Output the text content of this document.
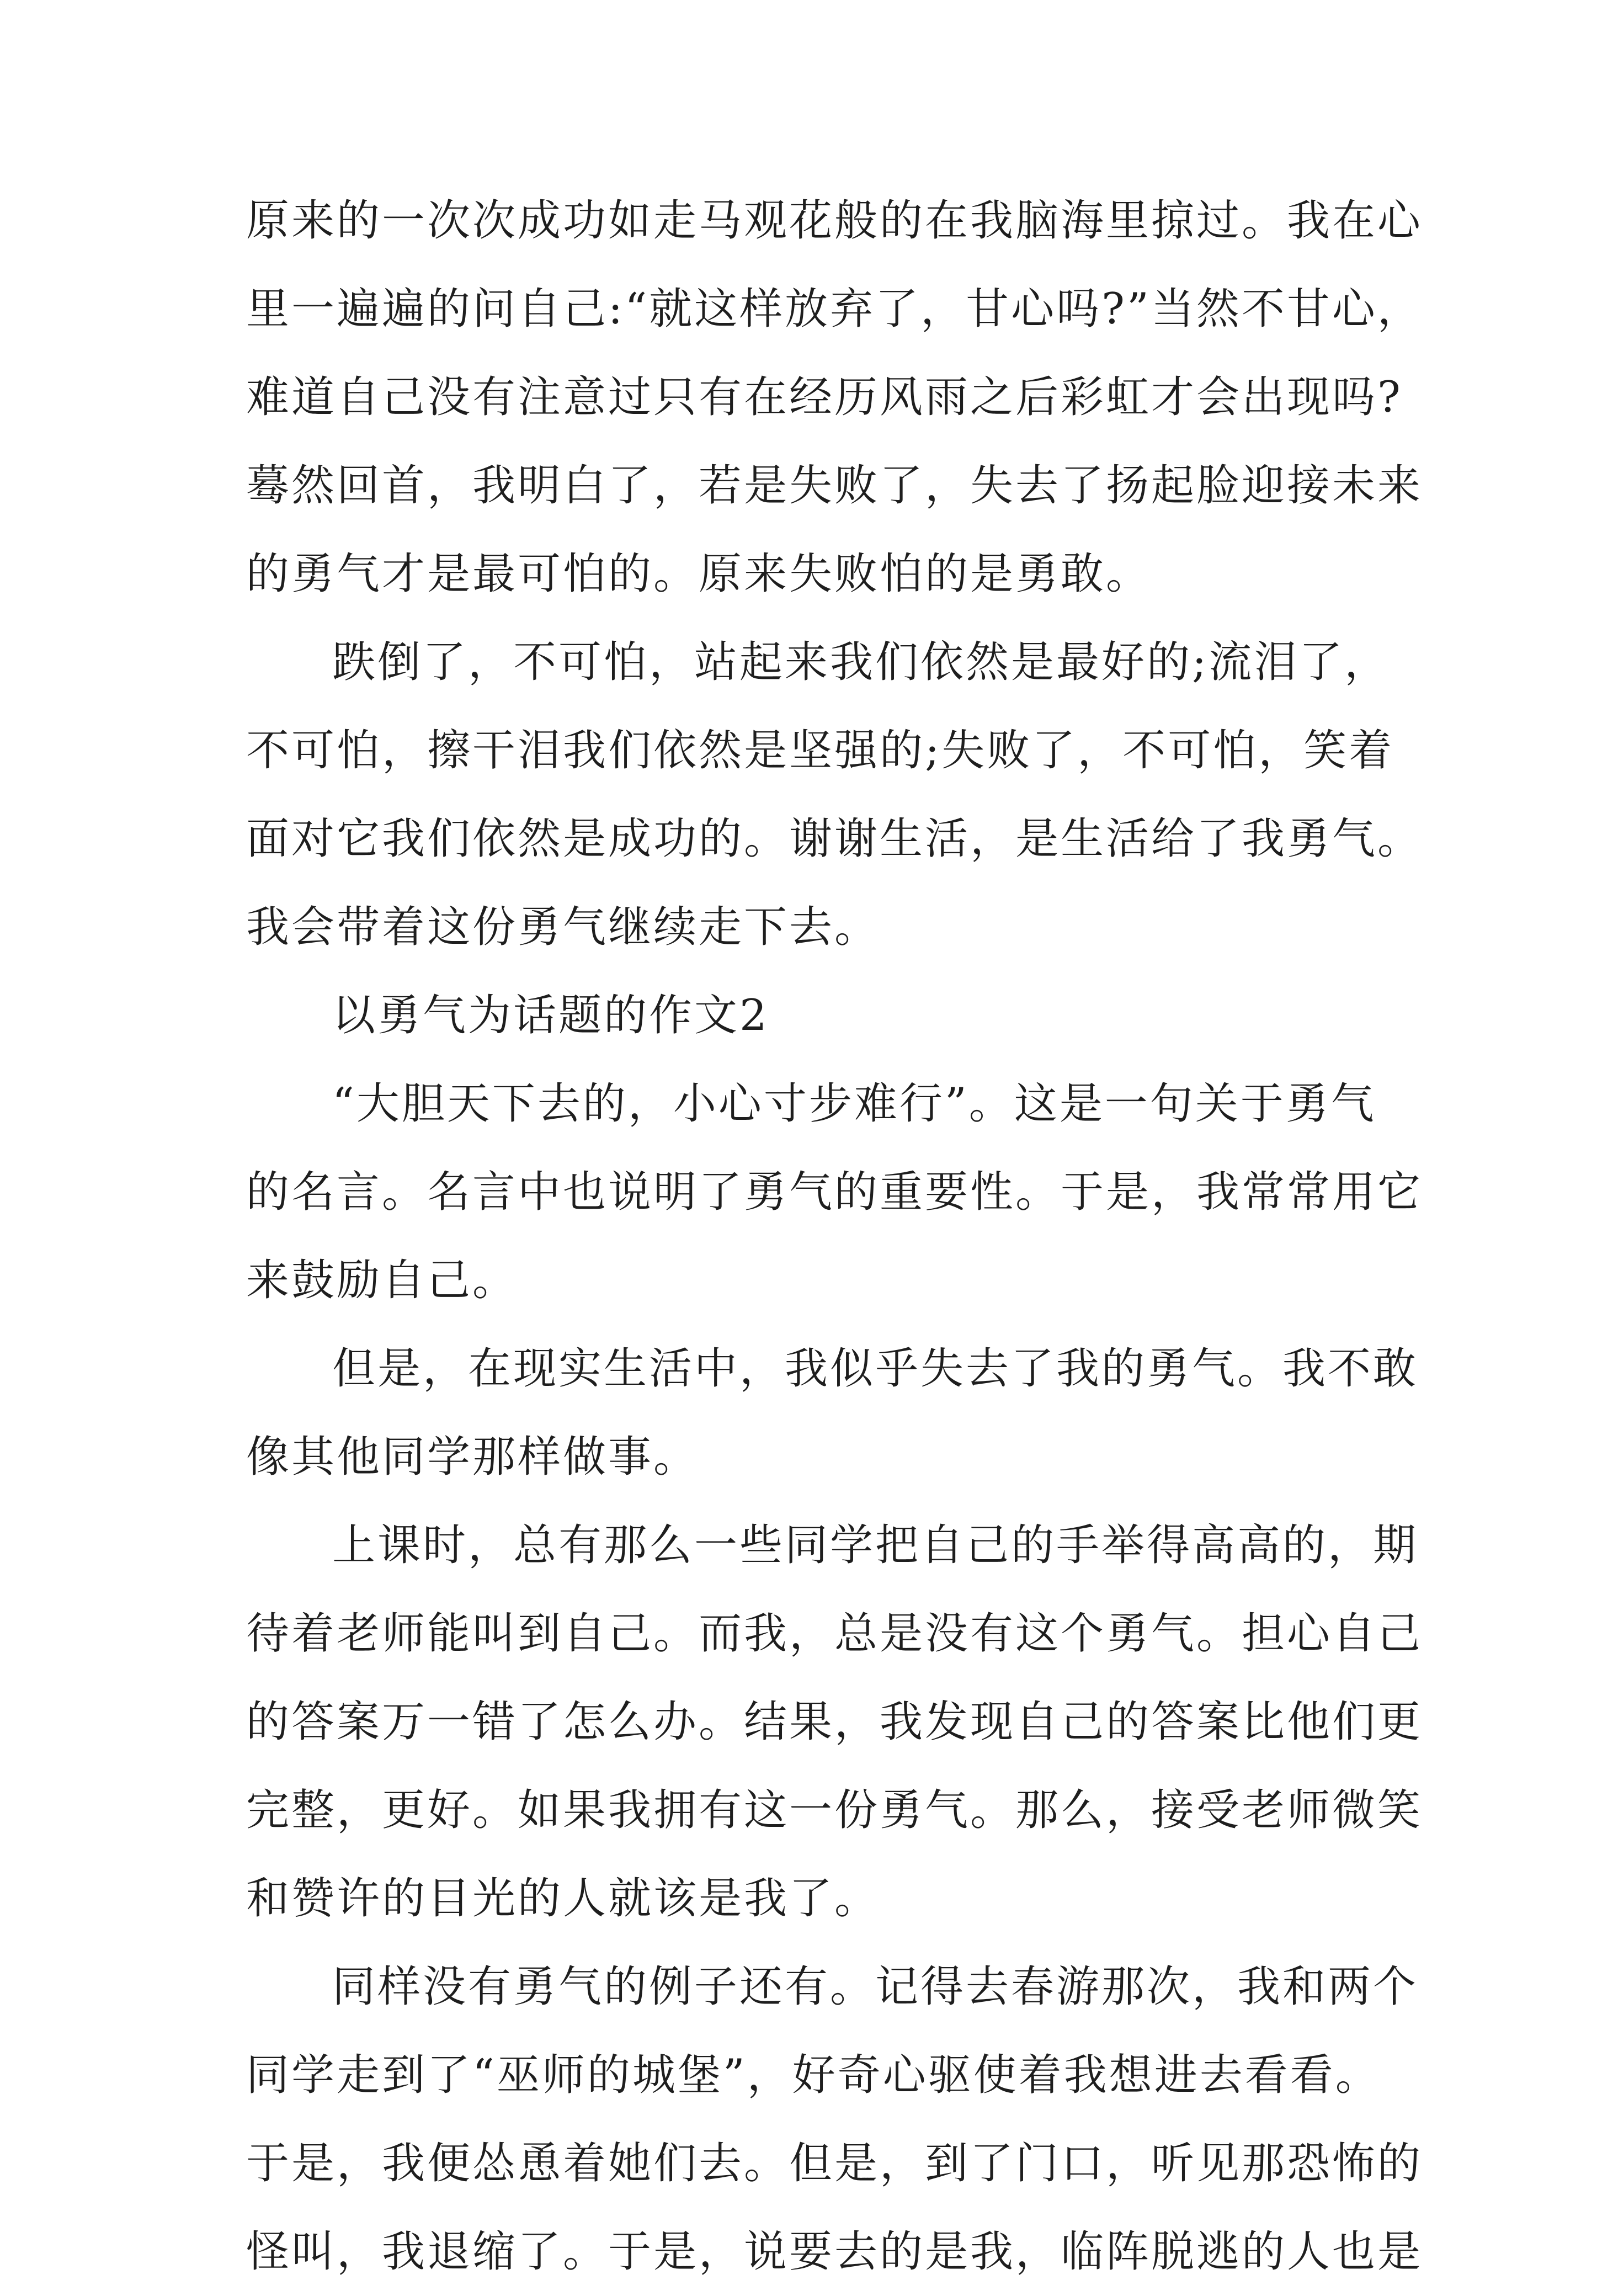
原来的一次次成功如走马观花般的在我脑海里掠过。我在心
里一遍遍的问自己:“就这样放弃了，甘心吗?”当然不甘心，
难道自己没有注意过只有在经历风雨之后彩虹才会出现吗?
蓦然回首，我明白了，若是失败了，失去了扬起脸迎接未来
的勇气才是最可怕的。原来失败怕的是勇敢。
跌倒了，不可怕，站起来我们依然是最好的;流泪了，
不可怕，擦干泪我们依然是坚强的;失败了，不可怕，笑着
面对它我们依然是成功的。谢谢生活，是生活给了我勇气。
我会带着这份勇气继续走下去。
以勇气为话题的作文2
“大胆天下去的，小心寸步难行”。这是一句关于勇气
的名言。名言中也说明了勇气的重要性。于是，我常常用它
来鼓励自己。
但是，在现实生活中，我似乎失去了我的勇气。我不敢
像其他同学那样做事。
上课时，总有那么一些同学把自己的手举得高高的，期
待着老师能叫到自己。而我，总是没有这个勇气。担心自己
的答案万一错了怎么办。结果，我发现自己的答案比他们更
完整，更好。如果我拥有这一份勇气。那么，接受老师微笑
和赞许的目光的人就该是我了。
同样没有勇气的例子还有。记得去春游那次，我和两个
同学走到了“巫师的城堡”，好奇心驱使着我想进去看看。
于是，我便怂恿着她们去。但是，到了门口，听见那恐怖的
怪叫，我退缩了。于是，说要去的是我，临阵脱逃的人也是
